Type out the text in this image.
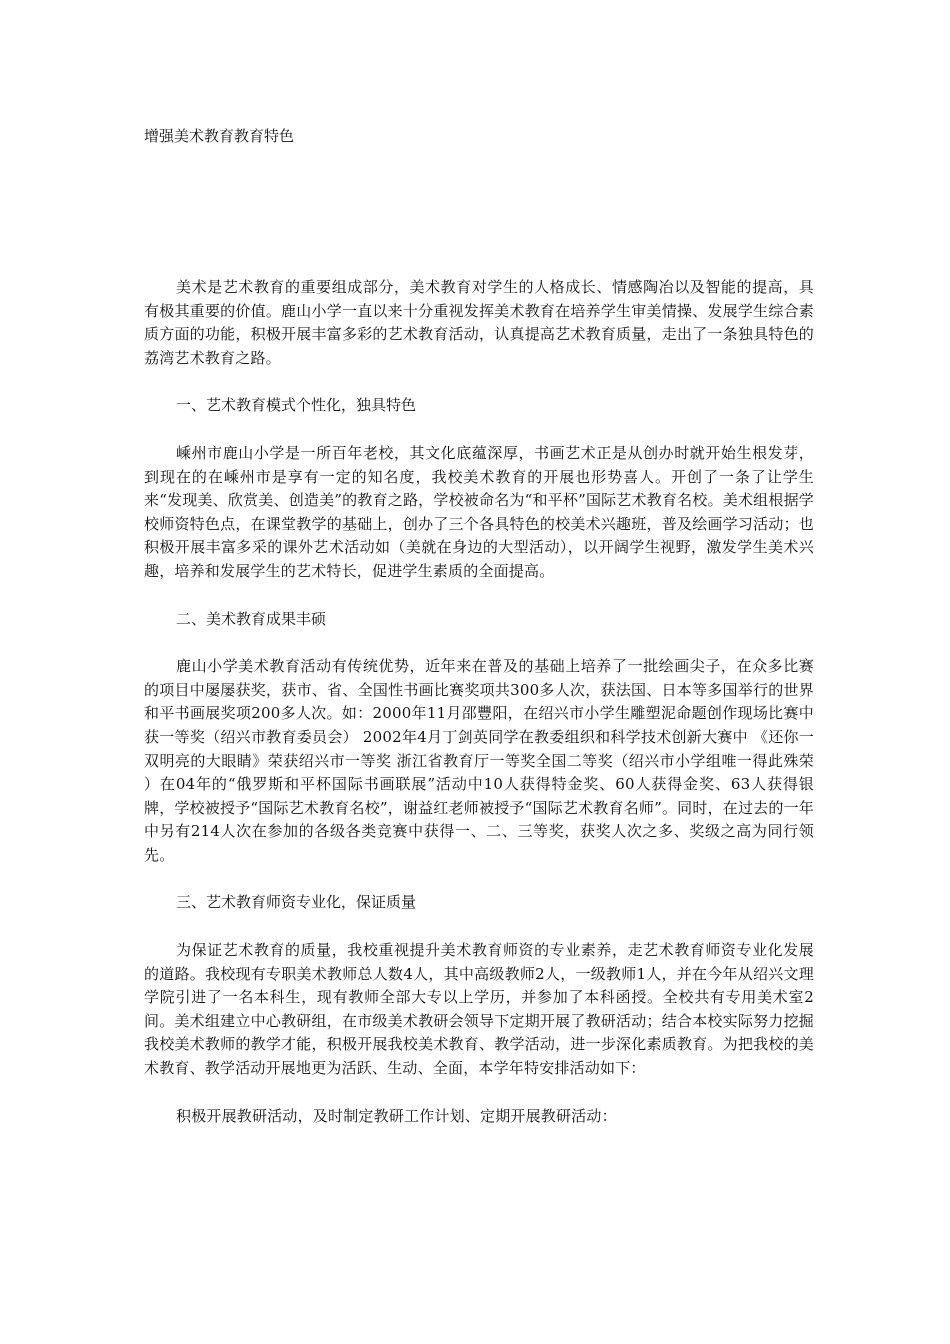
增强美术教育教育特色

美术是艺术教育的重要组成部分，美术教育对学生的人格成长、情感陶冶以及智能的提高，具有极其重要的价值。鹿山小学一直以来十分重视发挥美术教育在培养学生审美情操、发展学生综合素质方面的功能，积极开展丰富多彩的艺术教育活动，认真提高艺术教育质量，走出了一条独具特色的荔湾艺术教育之路。

一、艺术教育模式个性化，独具特色

嵊州市鹿山小学是一所百年老校，其文化底蕴深厚，书画艺术正是从创办时就开始生根发芽，到现在的在嵊州市是享有一定的知名度，我校美术教育的开展也形势喜人。开创了一条了让学生来“发现美、欣赏美、创造美”的教育之路，学校被命名为“和平杯”国际艺术教育名校。美术组根据学校师资特色点，在课堂教学的基础上，创办了三个各具特色的校美术兴趣班，普及绘画学习活动；也积极开展丰富多采的课外艺术活动如（美就在身边的大型活动），以开阔学生视野，激发学生美术兴趣，培养和发展学生的艺术特长，促进学生素质的全面提高。

二、美术教育成果丰硕

鹿山小学美术教育活动有传统优势，近年来在普及的基础上培养了一批绘画尖子，在众多比赛的项目中屡屡获奖，获市、省、全国性书画比赛奖项共300多人次，获法国、日本等多国举行的世界和平书画展奖项200多人次。如：2000年11月邵豐阳，在绍兴市小学生雕塑泥命题创作现场比赛中获一等奖（绍兴市教育委员会） 2002年4月丁剑英同学在教委组织和科学技术创新大赛中 《还你一双明亮的大眼睛》荣获绍兴市一等奖 浙江省教育厅一等奖全国二等奖（绍兴市小学组唯一得此殊荣 ）在04年的“俄罗斯和平杯国际书画联展”活动中10人获得特金奖、60人获得金奖、63人获得银牌，学校被授予“国际艺术教育名校”，谢益红老师被授予“国际艺术教育名师”。同时，在过去的一年中另有214人次在参加的各级各类竞赛中获得一、二、三等奖，获奖人次之多、奖级之高为同行领先。

三、艺术教育师资专业化，保证质量

为保证艺术教育的质量，我校重视提升美术教育师资的专业素养，走艺术教育师资专业化发展的道路。我校现有专职美术教师总人数4人，其中高级教师2人，一级教师1人，并在今年从绍兴文理学院引进了一名本科生，现有教师全部大专以上学历，并参加了本科函授。全校共有专用美术室2间。美术组建立中心教研组，在市级美术教研会领导下定期开展了教研活动；结合本校实际努力挖掘我校美术教师的教学才能，积极开展我校美术教育、教学活动，进一步深化素质教育。为把我校的美术教育、教学活动开展地更为活跃、生动、全面，本学年特安排活动如下：

积极开展教研活动，及时制定教研工作计划、定期开展教研活动：
